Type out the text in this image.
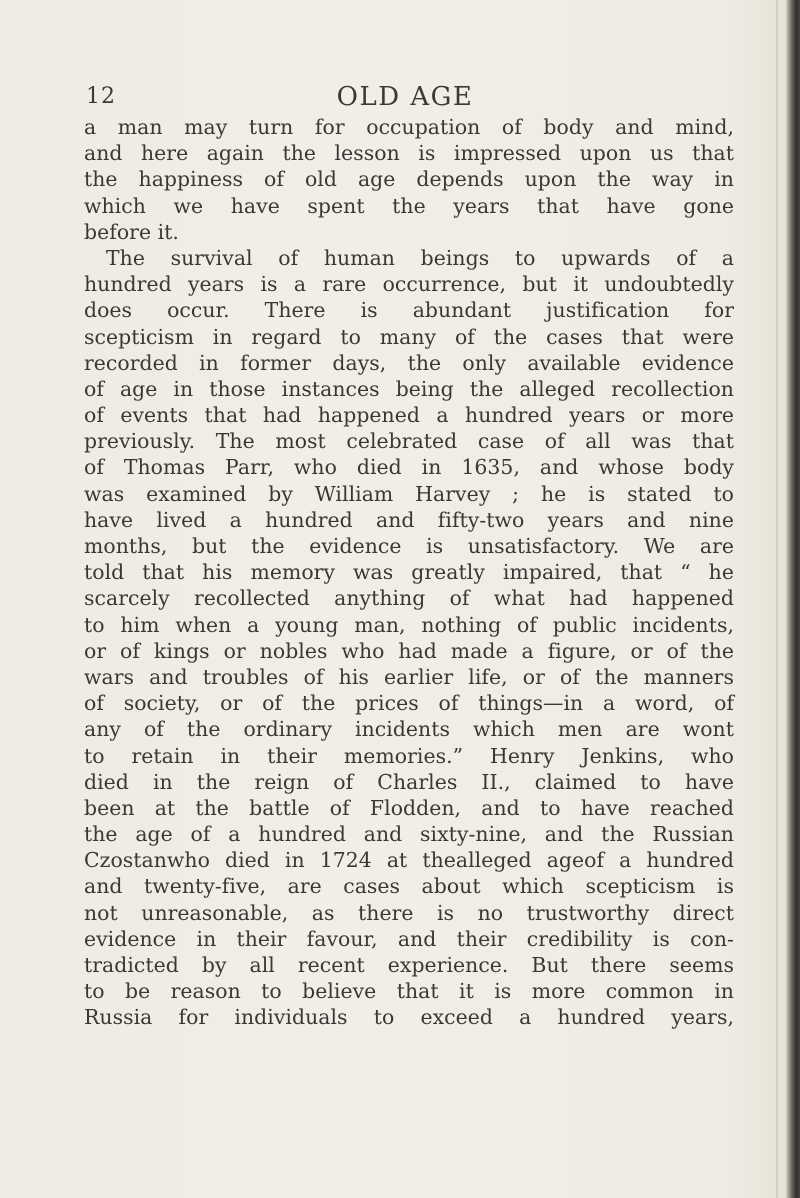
12	OLD AGE
a man may turn for occupation of body and mind,
and here again the lesson is impressed upon us that
the happiness of old age depends upon the way in
which we have spent the years that have gone
before it.
The survival of human beings to upwards of a
hundred years is a rare occurrence, but it undoubtedly
does occur. There is abundant justification for
scepticism in regard to many of the cases that were
recorded in former days, the only available evidence
of age in those instances being the alleged recollection
of events that had happened a hundred years or more
previously. The most celebrated case of all was that
of Thomas Parr, who died in 1635, and whose body
was examined by William Harvey ; he is stated to
have lived a hundred and fifty-two years and nine
months, but the evidence is unsatisfactory. We are
told that his memory was greatly impaired, that “ he
scarcely recollected anything of what had happened
to him when a young man, nothing of public incidents,
or of kings or nobles who had made a figure, or of the
wars and troubles of his earlier life, or of the manners
of society, or of the prices of things—in a word, of
any of the ordinary incidents which men are wont
to retain in their memories.” Henry Jenkins, who
died in the reign of Charles II., claimed to have
been at the battle of Flodden, and to have reached
the age of a hundred and sixty-nine, and the Russian
Czostanwho died in 1724 at thealleged ageof a hundred
and twenty-five, are cases about which scepticism is
not unreasonable, as there is no trustworthy direct
evidence in their favour, and their credibility is con-
tradicted by all recent experience. But there seems
to be reason to believe that it is more common in
Russia for individuals to exceed a hundred years,
